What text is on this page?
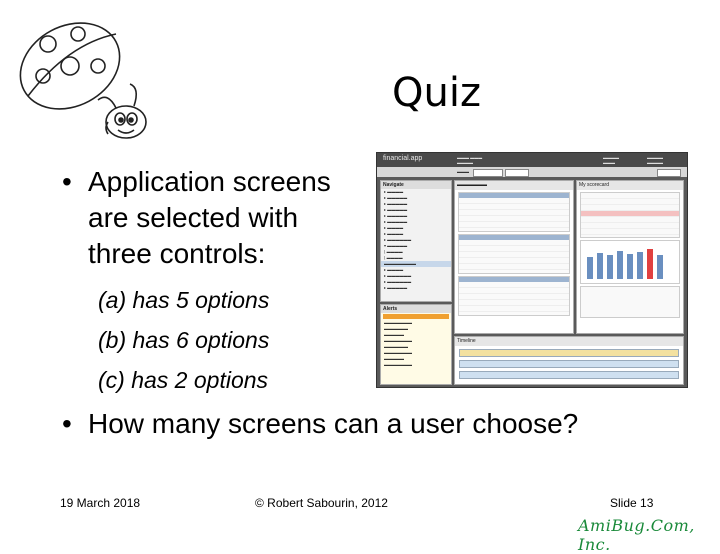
Quiz
• Application screens
are selected with
three controls:
(a) has 5 options
(b) has 6 options
(c) has 2 options
• How many screens can a user choose?
financial.app	▬▬▬ ▬▬▬
▬▬▬▬
▬▬▬▬
▬▬▬
▬▬▬▬
▬▬▬▬
▬▬▬
Navigate
▸ ▬▬▬▬
▸ ▬▬▬▬▬
▸ ▬▬▬▬▬
▸ ▬▬▬▬▬
▸ ▬▬▬▬▬
▸ ▬▬▬▬▬
▸ ▬▬▬▬
▸ ▬▬▬▬
▸ ▬▬▬▬▬▬
▾ ▬▬▬▬▬
⌊ ▬▬▬▬
⌊ ▬▬▬▬
▬▬▬▬▬▬▬▬
▸ ▬▬▬▬
▸ ▬▬▬▬▬▬
▸ ▬▬▬▬▬▬
▸ ▬▬▬▬▬
Alerts
▬▬▬▬▬▬▬
▬▬▬▬▬▬
▬▬▬▬▬
▬▬▬▬▬▬▬
▬▬▬▬▬▬
▬▬▬▬▬▬▬
▬▬▬▬▬
▬▬▬▬▬▬▬
▬▬▬▬▬▬	My scorecard
Timeline
19 March 2018	© Robert Sabourin, 2012	Slide 13
AmiBug.Com, Inc.
